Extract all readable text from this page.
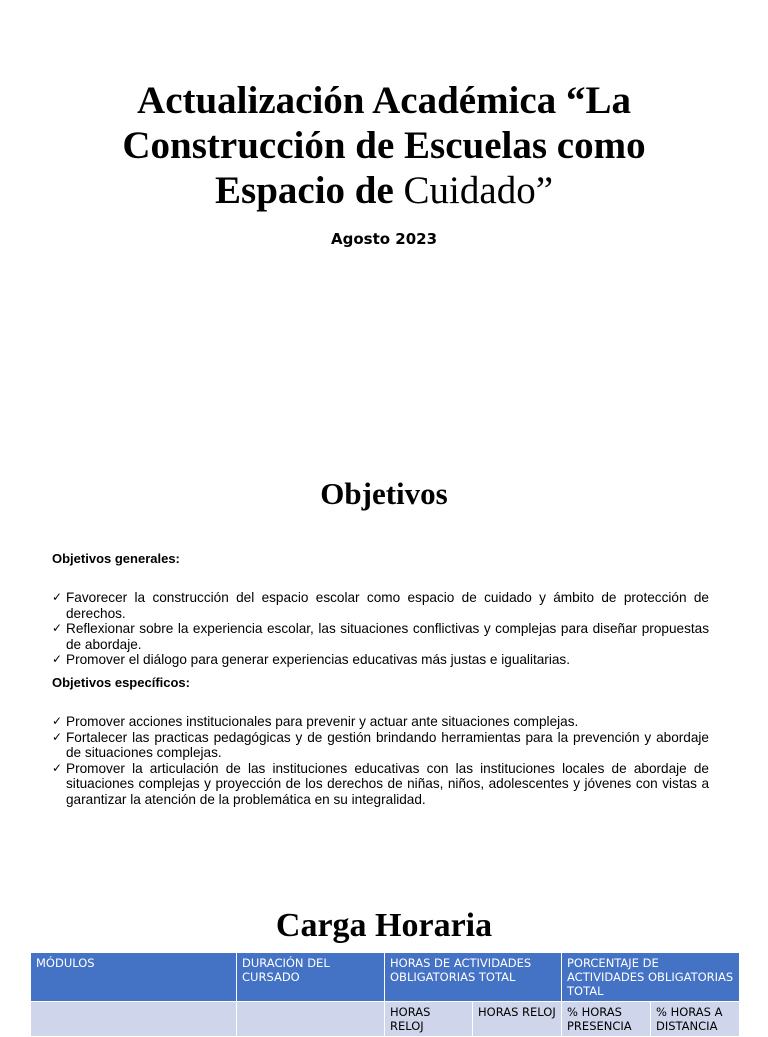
Actualización Académica “La Construcción de Escuelas como Espacio de Cuidado”
Agosto 2023
Objetivos
Objetivos generales:
✓ Favorecer la construcción del espacio escolar como espacio de cuidado y ámbito de protección de derechos.
✓ Reflexionar sobre la experiencia escolar, las situaciones conflictivas y complejas para diseñar propuestas de abordaje.
✓ Promover el diálogo para generar experiencias educativas más justas e igualitarias.
Objetivos específicos:
✓ Promover acciones institucionales para prevenir y actuar ante situaciones complejas.
✓ Fortalecer las practicas pedagógicas y de gestión brindando herramientas para la prevención y abordaje de situaciones complejas.
✓ Promover la articulación de las instituciones educativas con las instituciones locales de abordaje de situaciones complejas y proyección de los derechos de niñas, niños, adolescentes y jóvenes con vistas a garantizar la atención de la problemática en su integralidad.
Carga Horaria
MÓDULOS	DURACIÓN DEL CURSADO	HORAS DE ACTIVIDADES OBLIGATORIAS TOTAL		PORCENTAJE DE ACTIVIDADES OBLIGATORIAS TOTAL	
		HORAS RELOJ	HORAS RELOJ	% HORAS PRESENCIA	% HORAS A DISTANCIA
